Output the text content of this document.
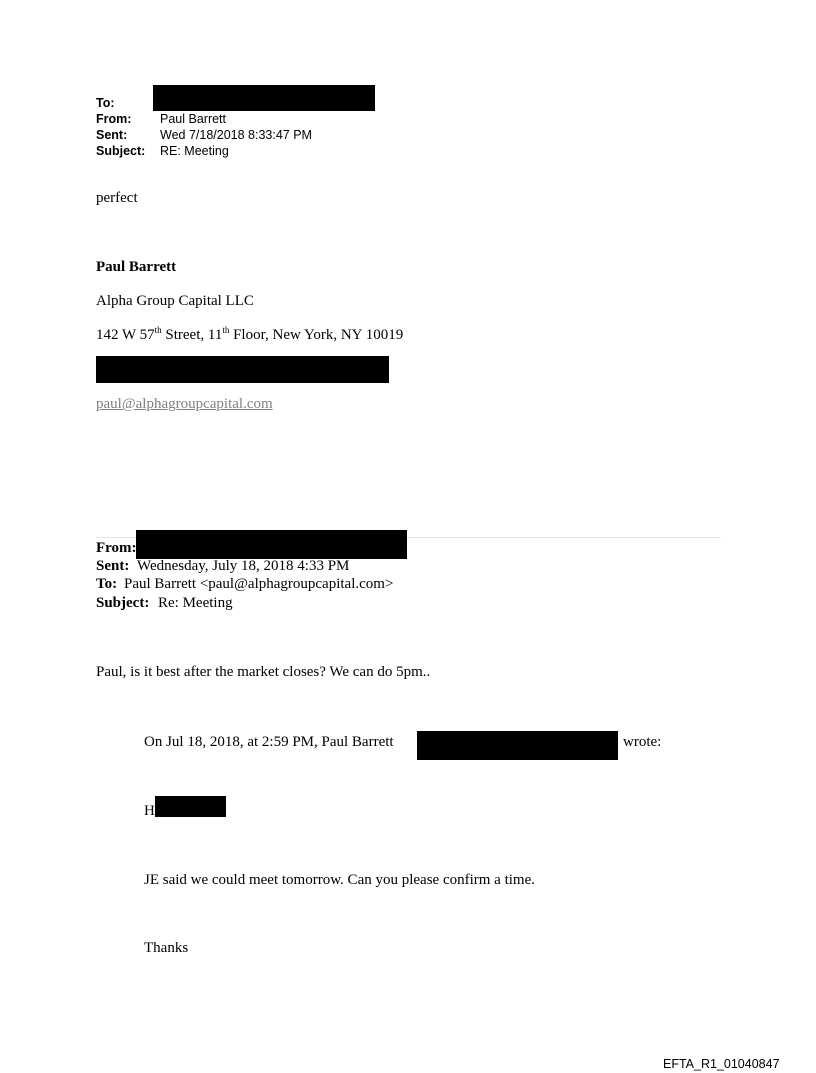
To:
From: Paul Barrett
Sent:	Wed 7/18/2018 8:33:47 PM
Subject: RE: Meeting
perfect
Paul Barrett
Alpha Group Capital LLC
142 W 57th Street, 11th Floor, New York, NY 10019
paul@alphagroupcapital.com
From:
Sent: Wednesday, July 18, 2018 4:33 PM
To: Paul Barrett <paul@alphagroupcapital.com>
Subject: Re: Meeting
Paul, is it best after the market closes? We can do 5pm..
On Jul 18, 2018, at 2:59 PM, Paul Barrett	wrote:
H
JE said we could meet tomorrow. Can you please confirm a time.
Thanks
EFTA_R1_01040847
